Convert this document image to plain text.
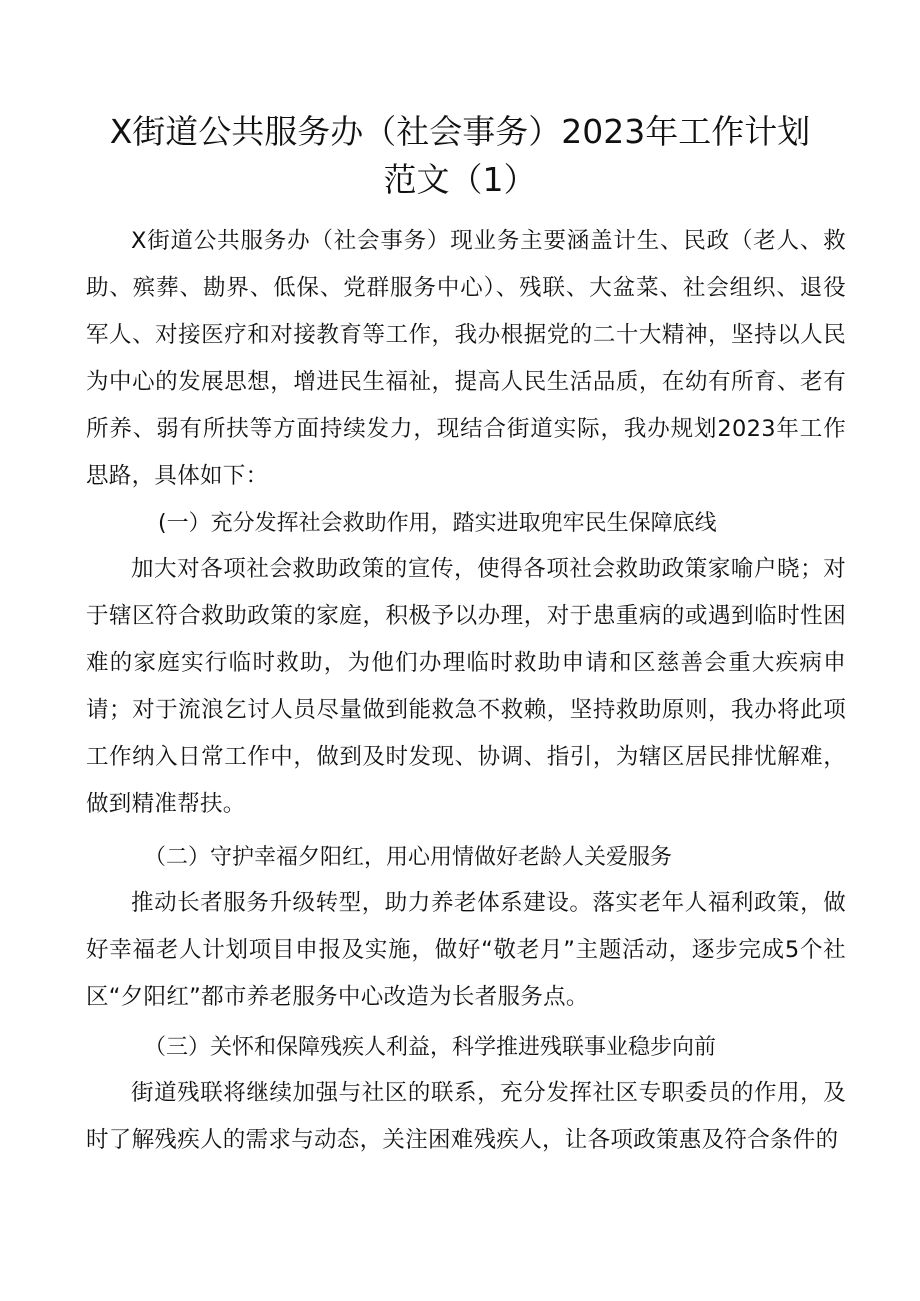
X街道公共服务办（社会事务）2023年工作计划
范文（1）

X街道公共服务办（社会事务）现业务主要涵盖计生、民政（老人、救助、殡葬、勘界、低保、党群服务中心）、残联、大盆菜、社会组织、退役军人、对接医疗和对接教育等工作，我办根据党的二十大精神，坚持以人民为中心的发展思想，增进民生福祉，提高人民生活品质，在幼有所育、老有所养、弱有所扶等方面持续发力，现结合街道实际，我办规划2023年工作思路，具体如下：

(一）充分发挥社会救助作用，踏实进取兜牢民生保障底线

加大对各项社会救助政策的宣传，使得各项社会救助政策家喻户晓；对于辖区符合救助政策的家庭，积极予以办理，对于患重病的或遇到临时性困难的家庭实行临时救助，为他们办理临时救助申请和区慈善会重大疾病申请；对于流浪乞讨人员尽量做到能救急不救赖，坚持救助原则，我办将此项工作纳入日常工作中，做到及时发现、协调、指引，为辖区居民排忧解难，做到精准帮扶。

（二）守护幸福夕阳红，用心用情做好老龄人关爱服务

推动长者服务升级转型，助力养老体系建设。落实老年人福利政策，做好幸福老人计划项目申报及实施，做好“敬老月”主题活动，逐步完成5个社区“夕阳红”都市养老服务中心改造为长者服务点。

（三）关怀和保障残疾人利益，科学推进残联事业稳步向前

街道残联将继续加强与社区的联系，充分发挥社区专职委员的作用，及时了解残疾人的需求与动态，关注困难残疾人，让各项政策惠及符合条件的
